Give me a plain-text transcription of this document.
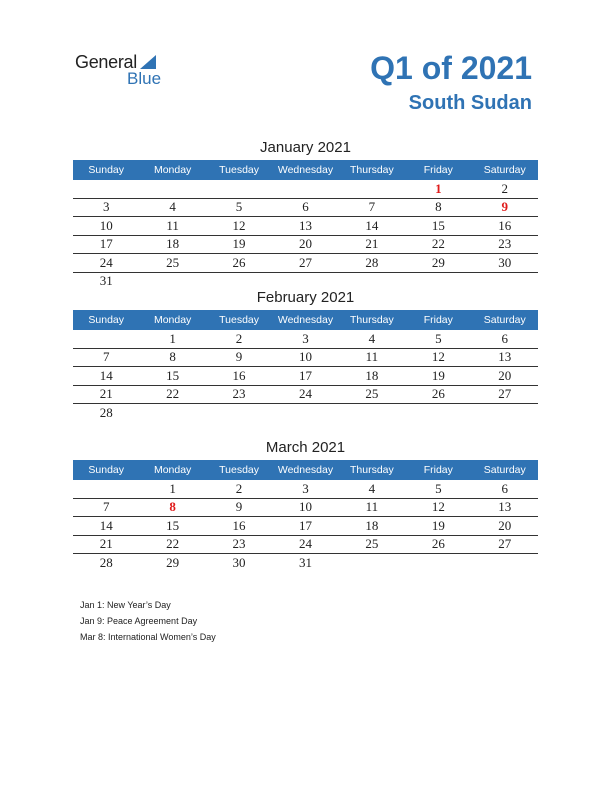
General
Blue	Q1 of 2021
South Sudan
January 2021
Sunday	Monday	Tuesday	Wednesday	Thursday	Friday	Saturday
					1	2
3	4	5	6	7	8	9
10	11	12	13	14	15	16
17	18	19	20	21	22	23
24	25	26	27	28	29	30
31						
February 2021
Sunday	Monday	Tuesday	Wednesday	Thursday	Friday	Saturday
	1	2	3	4	5	6
7	8	9	10	11	12	13
14	15	16	17	18	19	20
21	22	23	24	25	26	27
28						
March 2021
Sunday	Monday	Tuesday	Wednesday	Thursday	Friday	Saturday
	1	2	3	4	5	6
7	8	9	10	11	12	13
14	15	16	17	18	19	20
21	22	23	24	25	26	27
28	29	30	31			
Jan 1: New Year’s Day
Jan 9: Peace Agreement Day
Mar 8: International Women’s Day
